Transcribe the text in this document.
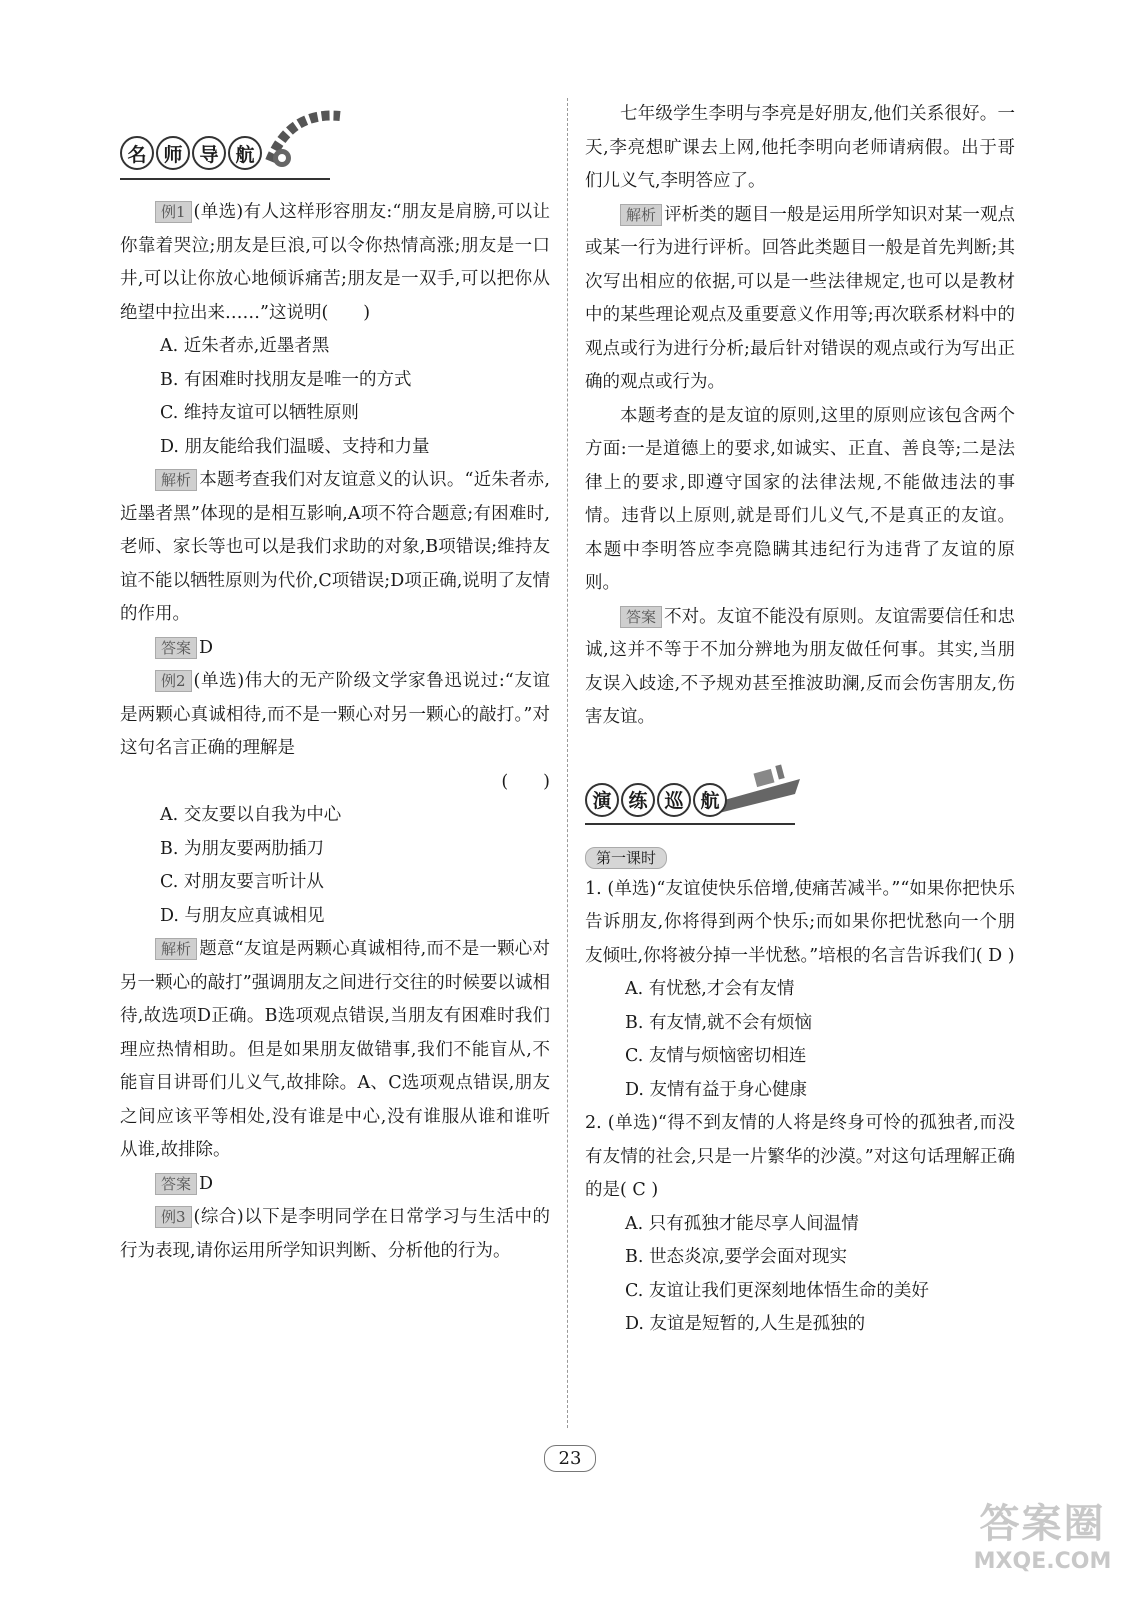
名 师 导 航

例1 (单选)有人这样形容朋友:“朋友是肩膀,可以让你靠着哭泣;朋友是巨浪,可以令你热情高涨;朋友是一口井,可以让你放心地倾诉痛苦;朋友是一双手,可以把你从绝望中拉出来……”这说明(　　)

A. 近朱者赤,近墨者黑

B. 有困难时找朋友是唯一的方式

C. 维持友谊可以牺牲原则

D. 朋友能给我们温暖、支持和力量

解析 本题考查我们对友谊意义的认识。“近朱者赤,近墨者黑”体现的是相互影响,A项不符合题意;有困难时,老师、家长等也可以是我们求助的对象,B项错误;维持友谊不能以牺牲原则为代价,C项错误;D项正确,说明了友情的作用。

答案 D

例2 (单选)伟大的无产阶级文学家鲁迅说过:“友谊是两颗心真诚相待,而不是一颗心对另一颗心的敲打。”对这句名言正确的理解是

(　　)

A. 交友要以自我为中心

B. 为朋友要两肋插刀

C. 对朋友要言听计从

D. 与朋友应真诚相见

解析 题意“友谊是两颗心真诚相待,而不是一颗心对另一颗心的敲打”强调朋友之间进行交往的时候要以诚相待,故选项D正确。B选项观点错误,当朋友有困难时我们理应热情相助。但是如果朋友做错事,我们不能盲从,不能盲目讲哥们儿义气,故排除。A、C选项观点错误,朋友之间应该平等相处,没有谁是中心,没有谁服从谁和谁听从谁,故排除。

答案 D

例3 (综合)以下是李明同学在日常学习与生活中的行为表现,请你运用所学知识判断、分析他的行为。

七年级学生李明与李亮是好朋友,他们关系很好。一天,李亮想旷课去上网,他托李明向老师请病假。出于哥们儿义气,李明答应了。

解析 评析类的题目一般是运用所学知识对某一观点或某一行为进行评析。回答此类题目一般是首先判断;其次写出相应的依据,可以是一些法律规定,也可以是教材中的某些理论观点及重要意义作用等;再次联系材料中的观点或行为进行分析;最后针对错误的观点或行为写出正确的观点或行为。

本题考查的是友谊的原则,这里的原则应该包含两个方面:一是道德上的要求,如诚实、正直、善良等;二是法律上的要求,即遵守国家的法律法规,不能做违法的事情。违背以上原则,就是哥们儿义气,不是真正的友谊。本题中李明答应李亮隐瞒其违纪行为违背了友谊的原则。

答案 不对。友谊不能没有原则。友谊需要信任和忠诚,这并不等于不加分辨地为朋友做任何事。其实,当朋友误入歧途,不予规劝甚至推波助澜,反而会伤害朋友,伤害友谊。

演 练 巡 航
第一课时

1. (单选)“友谊使快乐倍增,使痛苦减半。”“如果你把快乐告诉朋友,你将得到两个快乐;而如果你把忧愁向一个朋友倾吐,你将被分掉一半忧愁。”培根的名言告诉我们( D )

A. 有忧愁,才会有友情

B. 有友情,就不会有烦恼

C. 友情与烦恼密切相连

D. 友情有益于身心健康

2. (单选)“得不到友情的人将是终身可怜的孤独者,而没有友情的社会,只是一片繁华的沙漠。”对这句话理解正确的是( C )

A. 只有孤独才能尽享人间温情

B. 世态炎凉,要学会面对现实

C. 友谊让我们更深刻地体悟生命的美好

D. 友谊是短暂的,人生是孤独的

23
答案圈
MXQE.COM
